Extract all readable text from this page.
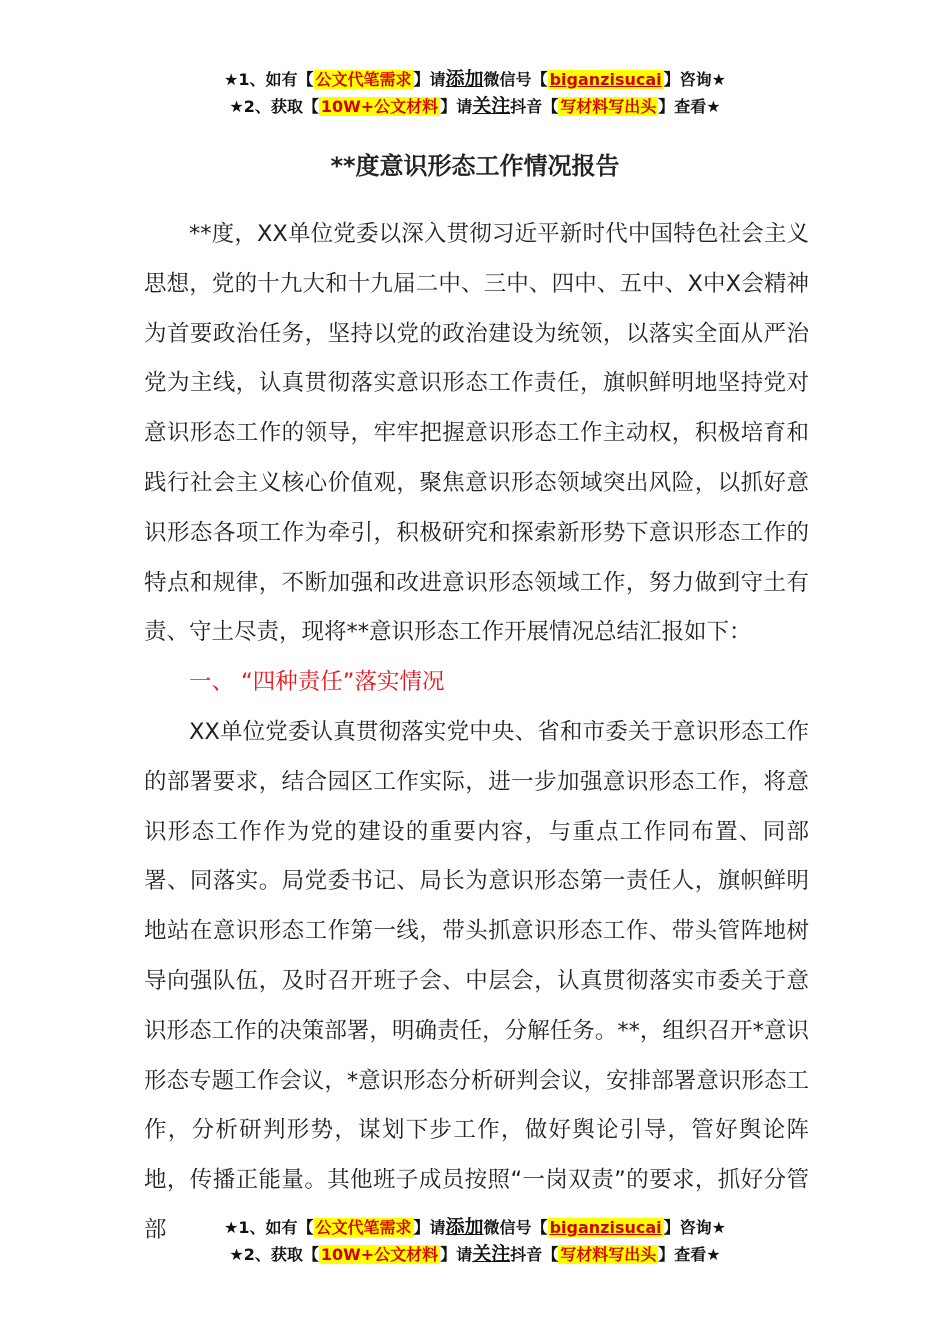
★1、如有【 公文代笔需求 】请添加微信号【 biganzisucai 】咨询★
★2、获取【 10W+公文材料 】请关注抖音【 写材料写出头 】查看★
**度意识形态工作情况报告

**度，XX单位党委以深入贯彻习近平新时代中国特色社会主义思想，党的十九大和十九届二中、三中、四中、五中、X中X会精神为首要政治任务，坚持以党的政治建设为统领，以落实全面从严治党为主线，认真贯彻落实意识形态工作责任，旗帜鲜明地坚持党对意识形态工作的领导，牢牢把握意识形态工作主动权，积极培育和践行社会主义核心价值观，聚焦意识形态领域突出风险，以抓好意识形态各项工作为牵引，积极研究和探索新形势下意识形态工作的特点和规律，不断加强和改进意识形态领域工作，努力做到守土有责、守土尽责，现将**意识形态工作开展情况总结汇报如下：

一、 “四种责任”落实情况

XX单位党委认真贯彻落实党中央、省和市委关于意识形态工作的部署要求，结合园区工作实际，进一步加强意识形态工作，将意识形态工作作为党的建设的重要内容，与重点工作同布置、同部署、同落实。局党委书记、局长为意识形态第一责任人，旗帜鲜明地站在意识形态工作第一线，带头抓意识形态工作、带头管阵地树导向强队伍，及时召开班子会、中层会，认真贯彻落实市委关于意识形态工作的决策部署，明确责任，分解任务。**，组织召开*意识形态专题工作会议，*意识形态分析研判会议，安排部署意识形态工作，分析研判形势，谋划下步工作，做好舆论引导，管好舆论阵地，传播正能量。其他班子成员按照“一岗双责”的要求，抓好分管部	★1、如有【 公文代笔需求 】请添加微信号【 biganzisucai 】咨询★
★2、获取【 10W+公文材料 】请关注抖音【 写材料写出头 】查看★
